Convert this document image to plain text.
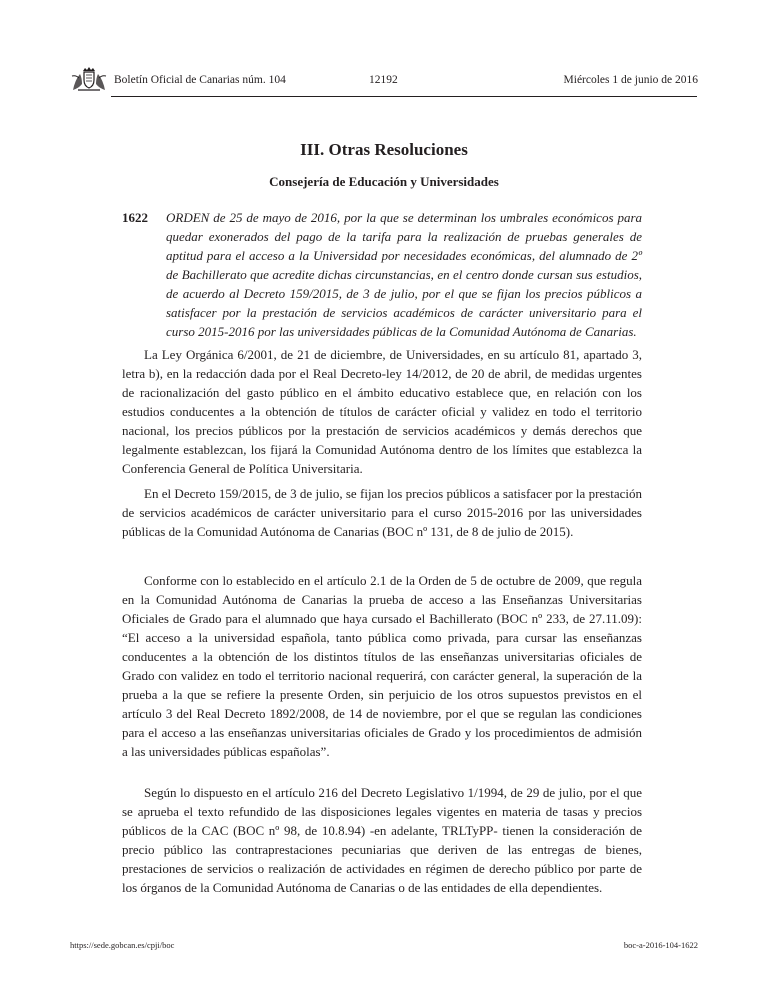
Boletín Oficial de Canarias núm. 104	12192	Miércoles 1 de junio de 2016
III. Otras Resoluciones
Consejería de Educación y Universidades
1622 ORDEN de 25 de mayo de 2016, por la que se determinan los umbrales económicos para quedar exonerados del pago de la tarifa para la realización de pruebas generales de aptitud para el acceso a la Universidad por necesidades económicas, del alumnado de 2º de Bachillerato que acredite dichas circunstancias, en el centro donde cursan sus estudios, de acuerdo al Decreto 159/2015, de 3 de julio, por el que se fijan los precios públicos a satisfacer por la prestación de servicios académicos de carácter universitario para el curso 2015-2016 por las universidades públicas de la Comunidad Autónoma de Canarias.

La Ley Orgánica 6/2001, de 21 de diciembre, de Universidades, en su artículo 81, apartado 3, letra b), en la redacción dada por el Real Decreto-ley 14/2012, de 20 de abril, de medidas urgentes de racionalización del gasto público en el ámbito educativo establece que, en relación con los estudios conducentes a la obtención de títulos de carácter oficial y validez en todo el territorio nacional, los precios públicos por la prestación de servicios académicos y demás derechos que legalmente establezcan, los fijará la Comunidad Autónoma dentro de los límites que establezca la Conferencia General de Política Universitaria.

En el Decreto 159/2015, de 3 de julio, se fijan los precios públicos a satisfacer por la prestación de servicios académicos de carácter universitario para el curso 2015-2016 por las universidades públicas de la Comunidad Autónoma de Canarias (BOC nº 131, de 8 de julio de 2015).

Conforme con lo establecido en el artículo 2.1 de la Orden de 5 de octubre de 2009, que regula en la Comunidad Autónoma de Canarias la prueba de acceso a las Enseñanzas Universitarias Oficiales de Grado para el alumnado que haya cursado el Bachillerato (BOC nº 233, de 27.11.09): “El acceso a la universidad española, tanto pública como privada, para cursar las enseñanzas conducentes a la obtención de los distintos títulos de las enseñanzas universitarias oficiales de Grado con validez en todo el territorio nacional requerirá, con carácter general, la superación de la prueba a la que se refiere la presente Orden, sin perjuicio de los otros supuestos previstos en el artículo 3 del Real Decreto 1892/2008, de 14 de noviembre, por el que se regulan las condiciones para el acceso a las enseñanzas universitarias oficiales de Grado y los procedimientos de admisión a las universidades públicas españolas”.

Según lo dispuesto en el artículo 216 del Decreto Legislativo 1/1994, de 29 de julio, por el que se aprueba el texto refundido de las disposiciones legales vigentes en materia de tasas y precios públicos de la CAC (BOC nº 98, de 10.8.94) -en adelante, TRLTyPP- tienen la consideración de precio público las contraprestaciones pecuniarias que deriven de las entregas de bienes, prestaciones de servicios o realización de actividades en régimen de derecho público por parte de los órganos de la Comunidad Autónoma de Canarias o de las entidades de ella dependientes.

https://sede.gobcan.es/cpji/boc	boc-a-2016-104-1622
